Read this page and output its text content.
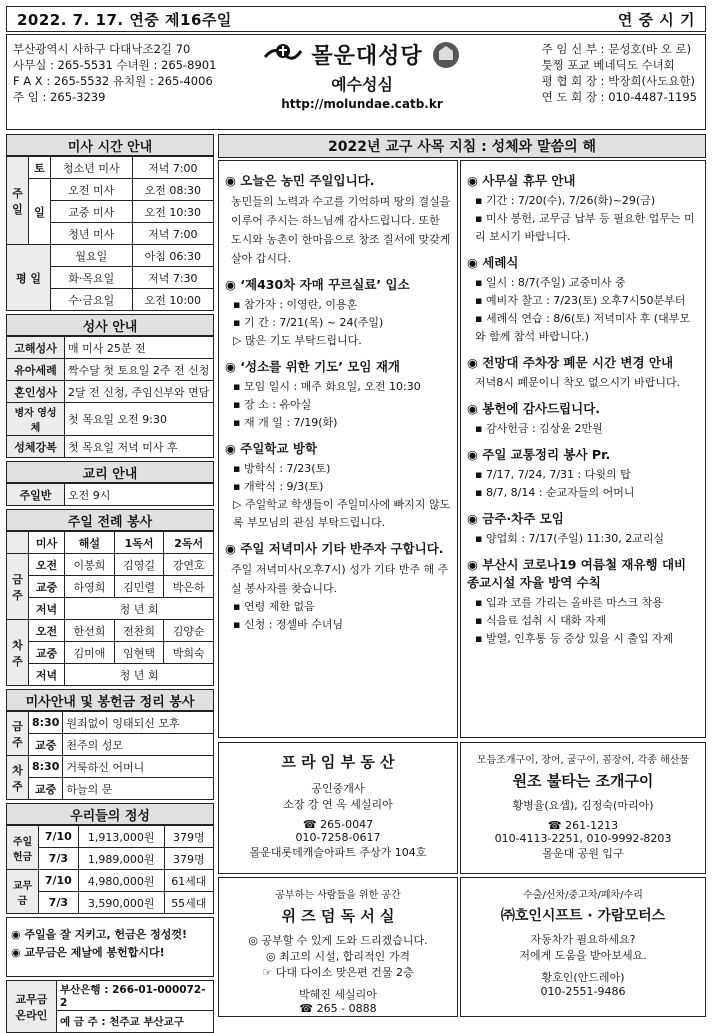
2022. 7. 17. 연중 제16주일	연 중 시 기
부산광역시 사하구 다대낙조2길 70
사무실 : 265-5531 수녀원 : 265-8901
F A X : 265-5532 유치원 : 265-4006
주 임 : 265-3239
몰운대성당
예수성심
http://molundae.catb.kr
주 임 신 부 : 문성호(바 오 로)
툿찡 포교 베네딕도 수녀회
평 협 회 장 : 박장희(사도요한)
연 도 회 장 : 010-4487-1195
미사 시간 안내
주 일	토	청소년 미사	저녁 7:00
	일	오전 미사	오전 08:30
		교중 미사	오전 10:30
		청년 미사	저녁 7:00
평 일		월요일	아침 06:30
		화·목요일	저녁 7:30
		수·금요일	오전 10:00
성사 안내
고해성사	매 미사 25분 전
유아세례	짝수달 첫 토요일 2주 전 신청
혼인성사	2달 전 신청, 주임신부와 면담
병자 영성체	첫 목요일 오전 9:30
성체강복	첫 목요일 저녁 미사 후
교리 안내
주일반	오전 9시
주일 전례 봉사
	미사	해설	1독서	2독서
금주	오전	이봉희	김영길	강연호
	교중	하영희	김민렬	박은하
	저녁	청 년 회		
차주	오전	한선희	전찬희	김양순
	교중	김미애	임현택	박희숙
	저녁	청 년 회		
미사안내 및 봉헌금 정리 봉사
금주	8:30	원죄없이 잉태되신 모후
	교중	천주의 성모
차주	8:30	거룩하신 어머니
	교중	하늘의 문
우리들의 정성
주일 헌금	7/10	1,913,000원	379명
	7/3	1,989,000원	379명
교무금	7/10	4,980,000원	61세대
	7/3	3,590,000원	55세대
◉ 주일을 잘 지키고, 헌금은 정성껏!
◉ 교무금은 제날에 봉헌합시다!
교무금 온라인	부산은행 : 266-01-000072-2
예 금 주 : 천주교 부산교구
2022년 교구 사목 지침 : 성체와 말씀의 해
◉ 오늘은 농민 주일입니다.
농민들의 노력과 수고를 기억하며 땅의 결실을 이루어 주시는 하느님께 감사드립니다. 또한 도시와 농촌이 한마음으로 창조 질서에 맞갖게 살아 갑시다.
◉ ‘제430차 자매 꾸르실료’ 입소
▪ 참가자 : 이영란, 이용훈
▪ 기 간 : 7/21(목) ~ 24(주일)
▷ 많은 기도 부탁드립니다.
◉ ‘성소를 위한 기도’ 모임 재개
▪ 모임 일시 : 매주 화요일, 오전 10:30
▪ 장 소 : 유아실
▪ 재 개 일 : 7/19(화)
◉ 주일학교 방학
▪ 방학식 : 7/23(토)
▪ 개학식 : 9/3(토)
▷ 주일학교 학생들이 주일미사에 빠지지 않도록 부모님의 관심 부탁드립니다.
◉ 주일 저녁미사 기타 반주자 구합니다.
주일 저녁미사(오후7시) 성가 기타 반주 해 주실 봉사자를 찾습니다.
▪ 연령 제한 없음
▪ 신청 : 정셀바 수녀님
◉ 사무실 휴무 안내
▪ 기간 : 7/20(수), 7/26(화)~29(금)
▪ 미사 봉헌, 교무금 납부 등 필요한 업무는 미리 보시기 바랍니다.
◉ 세례식
▪ 일시 : 8/7(주일) 교중미사 중
▪ 예비자 찰고 : 7/23(토) 오후7시50분부터
▪ 세례식 연습 : 8/6(토) 저녁미사 후 (대부모와 함께 참석 바랍니다.)
◉ 전망대 주차장 폐문 시간 변경 안내
저녁8시 폐문이니 착오 없으시기 바랍니다.
◉ 봉헌에 감사드립니다.
▪ 감사헌금 : 김상윤 2만원
◉ 주일 교통정리 봉사 Pr.
▪ 7/17, 7/24, 7/31 : 다윗의 탑
▪ 8/7, 8/14 : 순교자들의 어머니
◉ 금주·차주 모임
▪ 양업회 : 7/17(주일) 11:30, 2교리실
◉ 부산시 코로나19 여름철 재유행 대비 종교시설 자율 방역 수칙
▪ 입과 코를 가리는 올바른 마스크 착용
▪ 식음료 섭취 시 대화 자제
▪ 발열, 인후통 등 증상 있을 시 출입 자제
프 라 임 부 동 산
공인중개사
소장 강 연 옥 세실리아
☎ 265-0047
010-7258-0617
몰운대롯데캐슬아파트 주상가 104호
모듬조개구이, 장어, 굴구이, 꼼장어, 각종 해산물
원조 불타는 조개구이
황병율(요셉), 김정숙(마리아)
☎ 261-1213
010-4113-2251, 010-9992-8203
몰운대 공원 입구
공부하는 사람들을 위한 공간
위 즈 덤 독 서 실
◎ 공부할 수 있게 도와 드리겠습니다.
◎ 최고의 시설, 합리적인 가격
☞ 다대 다이소 맞은편 건물 2층
박혜진 세실리아
☎ 265 - 0888
수출/신차/중고차/폐차/수리
㈜호인시프트 · 가람모터스
자동차가 필요하세요?
저에게 도움을 받아보세요.
황호인(안드레아)
010-2551-9486
